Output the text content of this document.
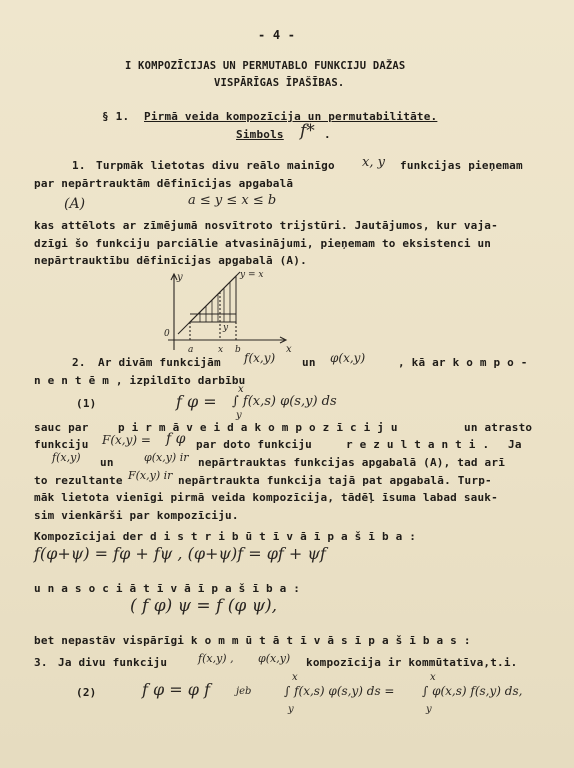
- 4 -
I KOMPOZĪCIJAS UN PERMUTABLO FUNKCIJU DAŽAS
VISPĀRĪGAS ĪPAŠĪBAS.
§ 1. Pirmā veida kompozīcija un permutabilitāte.
Simbols f* .
1. Turpmāk lietotas divu reālo mainīgo x, y funkcijas pieņemam
par nepārtrauktām dēfinīcijas apgabalā
(A)	a ≤ y ≤ x ≤ b
kas attēlots ar zīmējumā nosvītroto trijstūri. Jautājumos, kur vaja-
dzīgi šo funkciju parciālie atvasinājumi, pieņemam to eksistenci un
nepārtrauktību dēfinīcijas apgabalā (A).
y	y = x
x
0
a	x b
y
2. Ar divām funkcijām f(x,y) un φ(x,y)	, kā ar k o m p o -
n e n t ē m , izpildīto darbību
(1)	f φ =
x
∫ f(x,s) φ(s,y) ds
y
sauc par	p i r m ā v e i d a k o m p o z ī c i j u	un atrasto
funkciju F(x,y) = f φ par doto funkciju	r e z u l t a n t i . Ja
f(x,y) un	φ(x,y) ir nepārtrauktas funkcijas apgabalā (A), tad arī
to rezultante F(x,y) ir nepārtraukta funkcija tajā pat apgabalā. Turp-
māk lietota vienīgi pirmā veida kompozīcija, tādēļ īsuma labad sauk-
sim vienkārši par kompozīciju.
Kompozīcijai der d i s t r i b ū t ī v ā ī p a š ī b a :
f(φ+ψ) = fφ + fψ , (φ+ψ)f = φf + ψf
u n a s o c i ā t ī v ā ī p a š ī b a :
( f φ) ψ = f (φ ψ),
bet nepastāv vispārīgi k o m m ū t ā t ī v ā s ī p a š ī b a s :
3. Ja divu funkciju	f(x,y) , φ(x,y) kompozīcija ir kommūtatīva,t.i.
(2)	f φ = φ f	jeb
x
∫ f(x,s) φ(s,y) ds =
y
x
∫ φ(x,s) f(s,y) ds,
y
